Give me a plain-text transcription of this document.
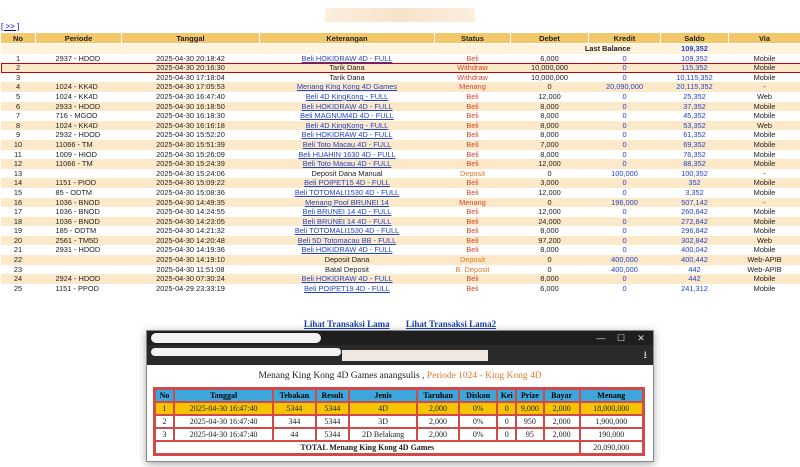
[ >> ]
No	Periode	Tanggal	Keterangan	Status	Debet	Kredit	Saldo	Via
					Last Balance		109,352	
1	2937 - HDOD	2025-04-30 20:18:42	Beli HOKIDRAW 4D - FULL	Beli	6,000	0	109,352	Mobile
2		2025-04-30 20:16:30	Tarik Dana	Withdraw	10,000,000	0	115,352	Mobile
3		2025-04-30 17:18:04	Tarik Dana	Withdraw	10,000,000	0	10,115,352	Mobile
4	1024 - KK4D	2025-04-30 17:05:53	Menang King Kong 4D Games	Menang	0	20,090,000	20,115,352	-
5	1024 - KK4D	2025-04-30 16:47:40	Beli 4D KingKong - FULL	Beli	12,000	0	25,352	Web
6	2933 - HDOD	2025-04-30 16:18:50	Beli HOKIDRAW 4D - FULL	Beli	8,000	0	37,352	Mobile
7	716 - MGOD	2025-04-30 16:18:30	Beli MAGNUM4D 4D - FULL	Beli	8,000	0	45,352	Mobile
8	1024 - KK4D	2025-04-30 16:16:18	Beli 4D KingKong - FULL	Beli	8,000	0	53,352	Web
9	2932 - HDOD	2025-04-30 15:52:20	Beli HOKIDRAW 4D - FULL	Beli	8,000	0	61,352	Mobile
10	11066 - TM	2025-04-30 15:51:39	Beli Toto Macau 4D - FULL	Beli	7,000	0	69,352	Mobile
11	1009 - HIOD	2025-04-30 15:26:09	Beli HUAHIN 1630 4D - FULL	Beli	8,000	0	76,352	Mobile
12	11066 - TM	2025-04-30 15:24:39	Beli Toto Macau 4D - FULL	Beli	12,000	0	88,352	Mobile
13		2025-04-30 15:24:06	Deposit Dana Manual	Deposit	0	100,000	100,352	-
14	1151 - PIOD	2025-04-30 15:09:22	Beli POIPET15 4D - FULL	Beli	3,000	0	352	Mobile
15	85 - ODTM	2025-04-30 15:08:36	Beli TOTOMALI1530 4D - FULL	Beli	12,000	0	3,352	Mobile
16	1036 - BNOD	2025-04-30 14:49:35	Menang Pool BRUNEI 14	Menang	0	196,000	507,142	-
17	1036 - BNOD	2025-04-30 14:24:55	Beli BRUNEI 14 4D - FULL	Beli	12,000	0	260,842	Mobile
18	1036 - BNOD	2025-04-30 14:23:05	Beli BRUNEI 14 4D - FULL	Beli	24,000	0	272,842	Mobile
19	185 - ODTM	2025-04-30 14:21:32	Beli TOTOMALI1530 4D - FULL	Beli	8,000	0	296,842	Mobile
20	2561 - TM5D	2025-04-30 14:20:48	Beli 5D Totomacau BB - FULL	Beli	97,200	0	302,842	Web
21	2931 - HDOD	2025-04-30 14:19:36	Beli HOKIDRAW 4D - FULL	Beli	8,000	0	400,042	Mobile
22		2025-04-30 14:19:10	Deposit Dana	Deposit	0	400,000	400,442	Web-APIB
23		2025-04-30 11:51:08	Batal Deposit	B. Deposit	0	400,000	442	Web-APIB
24	2924 - HDOD	2025-04-30 07:30:24	Beli HOKIDRAW 4D - FULL	Beli	8,000	0	442	Mobile
25	1151 - PPOD	2025-04-29 23:33:19	Beli POIPET19 4D - FULL	Beli	6,000	0	241,312	Mobile
Lihat Transaksi Lama Lihat Transaksi Lama2
—	☐	✕
⭳
Menang King Kong 4D Games anangsulis , Periode 1024 - King Kong 4D
No	Tanggal	Tebakan	Result	Jenis	Taruhan	Diskon	Kei	Prize	Bayar	Menang
1	2025-04-30 16:47:40	5344	5344	4D	2,000	0%	0	9,000	2,000	18,000,000
2	2025-04-30 16:47:40	344	5344	3D	2,000	0%	0	950	2,000	1,900,000
3	2025-04-30 16:47:40	44	5344	2D Belakang	2,000	0%	0	95	2,000	190,000
TOTAL Menang King Kong 4D Games										20,090,000
